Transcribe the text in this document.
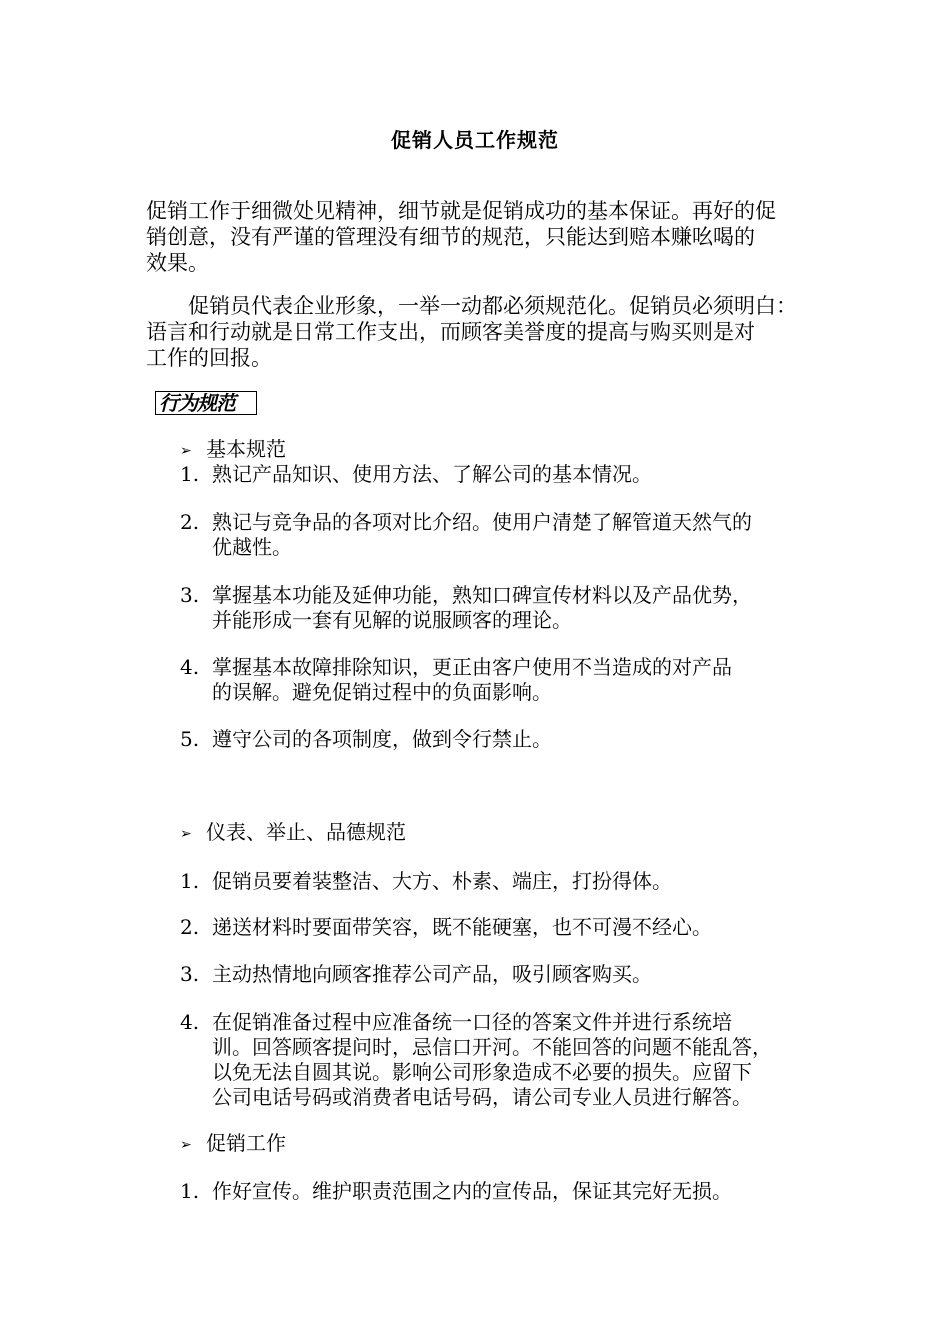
促销人员工作规范
促销工作于细微处见精神，细节就是促销成功的基本保证。再好的促
销创意，没有严谨的管理没有细节的规范，只能达到赔本赚吆喝的
效果。
促销员代表企业形象，一举一动都必须规范化。促销员必须明白：
语言和行动就是日常工作支出，而顾客美誉度的提高与购买则是对
工作的回报。
行为规范
➢ 基本规范
1. 熟记产品知识、使用方法、了解公司的基本情况。
2. 熟记与竞争品的各项对比介绍。使用户清楚了解管道天然气的
优越性。
3. 掌握基本功能及延伸功能，熟知口碑宣传材料以及产品优势，
并能形成一套有见解的说服顾客的理论。
4. 掌握基本故障排除知识，更正由客户使用不当造成的对产品
的误解。避免促销过程中的负面影响。
5. 遵守公司的各项制度，做到令行禁止。
➢ 仪表、举止、品德规范
1. 促销员要着装整洁、大方、朴素、端庄，打扮得体。
2. 递送材料时要面带笑容，既不能硬塞，也不可漫不经心。
3. 主动热情地向顾客推荐公司产品，吸引顾客购买。
4. 在促销准备过程中应准备统一口径的答案文件并进行系统培
训。回答顾客提问时，忌信口开河。不能回答的问题不能乱答，
以免无法自圆其说。影响公司形象造成不必要的损失。应留下
公司电话号码或消费者电话号码，请公司专业人员进行解答。
➢ 促销工作
1. 作好宣传。维护职责范围之内的宣传品，保证其完好无损。
